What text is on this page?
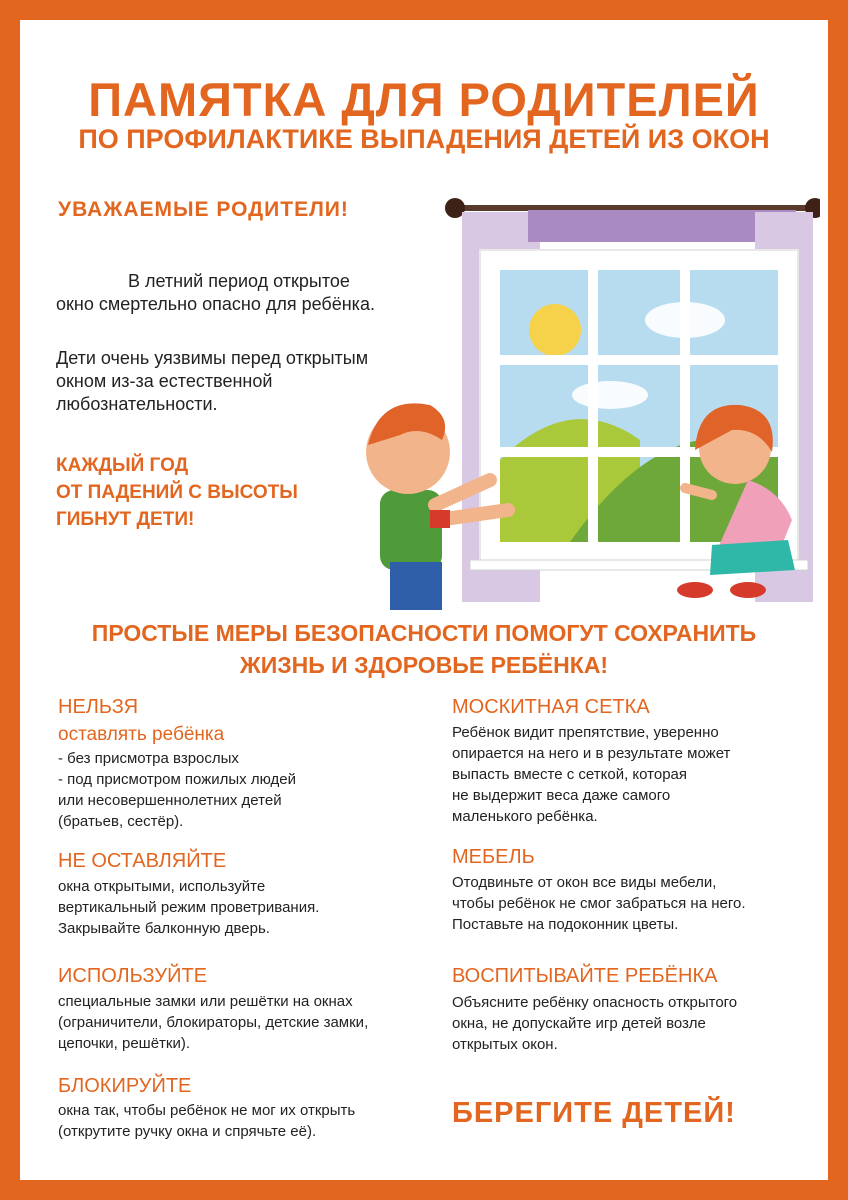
ПАМЯТКА ДЛЯ РОДИТЕЛЕЙ
ПО ПРОФИЛАКТИКЕ ВЫПАДЕНИЯ ДЕТЕЙ ИЗ ОКОН
УВАЖАЕМЫЕ РОДИТЕЛИ!
В летний период открытое
окно смертельно опасно для ребёнка.
Дети очень уязвимы перед открытым
окном из-за естественной
любознательности.
КАЖДЫЙ ГОД
ОТ ПАДЕНИЙ С ВЫСОТЫ
ГИБНУТ ДЕТИ!
ПРОСТЫЕ МЕРЫ БЕЗОПАСНОСТИ ПОМОГУТ СОХРАНИТЬ
ЖИЗНЬ И ЗДОРОВЬЕ РЕБЁНКА!
НЕЛЬЗЯ
оставлять ребёнка
- без присмотра взрослых
- под присмотром пожилых людей
или несовершеннолетних детей
(братьев, сестёр).
НЕ ОСТАВЛЯЙТЕ
окна открытыми, используйте
вертикальный режим проветривания.
Закрывайте балконную дверь.
ИСПОЛЬЗУЙТЕ
специальные замки или решётки на окнах
(ограничители, блокираторы, детские замки,
цепочки, решётки).
БЛОКИРУЙТЕ
окна так, чтобы ребёнок не мог их открыть
(открутите ручку окна и спрячьте её).
МОСКИТНАЯ СЕТКА
Ребёнок видит препятствие, уверенно
опирается на него и в результате может
выпасть вместе с сеткой, которая
не выдержит веса даже самого
маленького ребёнка.
МЕБЕЛЬ
Отодвиньте от окон все виды мебели,
чтобы ребёнок не смог забраться на него.
Поставьте на подоконник цветы.
ВОСПИТЫВАЙТЕ РЕБЁНКА
Объясните ребёнку опасность открытого
окна, не допускайте игр детей возле
открытых окон.
БЕРЕГИТЕ ДЕТЕЙ!
